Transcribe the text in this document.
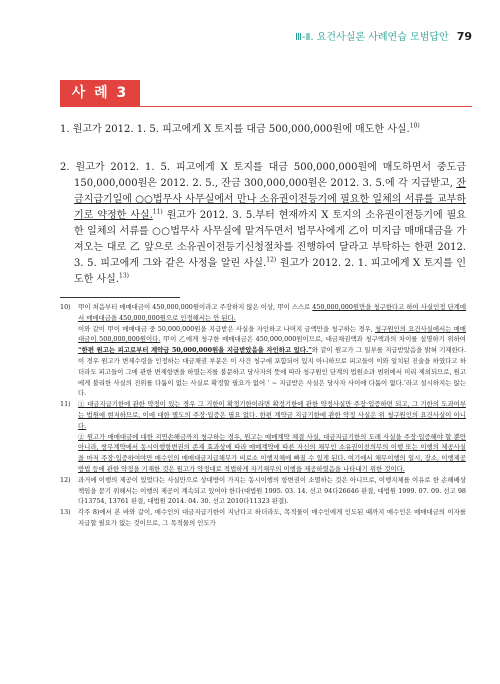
Ⅲ-Ⅱ. 요건사실론 사례연습 모범답안 79
사 례 3
1. 원고가 2012. 1. 5. 피고에게 X 토지를 대금 500,000,000원에 매도한 사실.$^{10)}$
2. 원고가 2012. 1. 5. 피고에게 X 토지를 대금 500,000,000원에 매도하면서 중도금 150,000,000원은 2012. 2. 5., 잔금 300,000,000원은 2012. 3. 5.에 각 지급받고, 잔금지급기일에 ○○법무사 사무실에서 만나 소유권이전등기에 필요한 일체의 서류를 교부하기로 약정한 사실.$^{11)}$ 원고가 2012. 3. 5.부터 현재까지 X 토지의 소유권이전등기에 필요한 일체의 서류를 ○○법무사 사무실에 맡겨두면서 법무사에게 乙이 미지급 매매대금을 가져오는 대로 乙 앞으로 소유권이전등기신청절차를 진행하여 달라고 부탁하는 한편 2012. 3. 5. 피고에게 그와 같은 사정을 알린 사실.$^{12)}$ 원고가 2012. 2. 1. 피고에게 X 토지를 인도한 사실.$^{13)}$
10)	甲이 처음부터 매매대금이 450,000,000원이라고 주장하지 않은 이상, 甲이 스스로 450,000,000원만을 청구한다고 하여 사실인정 단계에서 매매대금을 450,000,000원으로 인정해서는 안 된다.

이와 같이 甲이 매매대금 중 50,000,000원을 지급받은 사실을 자인하고 나머지 금액만을 청구하는 경우, 청구원인의 요건사실에서는 매매대금이 500,000,000원이다. 甲이 乙에게 청구한 매매대금은 450,000,000원이므로, 대금채권액과 청구액과의 차이를 설명하기 위하여 “한편 원고는 피고로부터 계약금 50,000,000원을 지급받았음을 자인하고 있다.”와 같이 원고가 그 일부를 지급받았음을 밝혀 기재한다. 이 경우 원고가 변제수령을 인정하는 대금채권 부분은 이 사건 청구에 포함되어 있지 아니하므로 피고들이 이와 일치된 진술을 하였다고 하더라도 피고들이 그에 관한 변제항변을 하였는지를 불문하고 당사자의 뜻에 따라 청구원인 단계의 법원소과 범위에서 미리 제외되므로, 원고에게 불리한 사실의 진위를 다툼이 없는 사실로 확정할 필요가 없어 ‘ ~ 지급받은 사실은 당사자 사이에 다툼이 없다.’라고 설시하지는 않는다.

11)	① 대금지급기한에 관한 약정이 있는 경우 그 기한이 확정기한이라면 확정기한에 관한 약정사실만 주장·입증하면 되고, 그 기한의 도과여부는 법원에 현저하므로, 이에 대한 별도의 주장·입증은 필요 없다. 한편 계약금 지급기한에 관한 약정 사실은 위 청구원인의 요건사실이 아니다.

② 원고가 매매대금에 대한 지연손해금까지 청구하는 경우, 원고는 매매계약 체결 사실, 대금지급기한의 도래 사실을 주장·입증해야 할 뿐만 아니라, 쌍무계약에서 동시이행항변권의 존재 효과상에 따라 매매계약에 따른 자신의 채무인 소유권이전의무의 이행 또는 이행의 제공사실을 마저 주장·입증하여야만 매수인의 매매대금지급채무가 비로소 이행지체에 빠질 수 있게 된다. 여기에서 채무이행의 일시, 장소, 이행제공 방법 등에 관한 약정을 기재한 것은 원고가 약정대로 적법하게 자기채무의 이행을 제공하였음을 나타내기 위한 것이다.

12)	과거에 이행의 제공이 있었다는 사실만으로 상대방이 가지는 동시이행의 항변권이 소멸하는 것은 아니므로, 이행지체를 이유로 한 손해배상책임을 묻기 위해서는 이행의 제공이 계속되고 있어야 한다(대법원 1995. 03. 14. 선고 94다26646 판결, 대법원 1999. 07. 09. 선고 98다13754, 13761 판결, 대법원 2014. 04. 30. 선고 2010다11323 판결).

13)	각주 8)에서 본 바와 같이, 매수인의 대금지급기한이 지난다고 하더라도, 목적물이 매수인에게 인도된 때까지 매수인은 매매대금의 이자를 지급할 필요가 없는 것이므로, 그 목적물의 인도가
